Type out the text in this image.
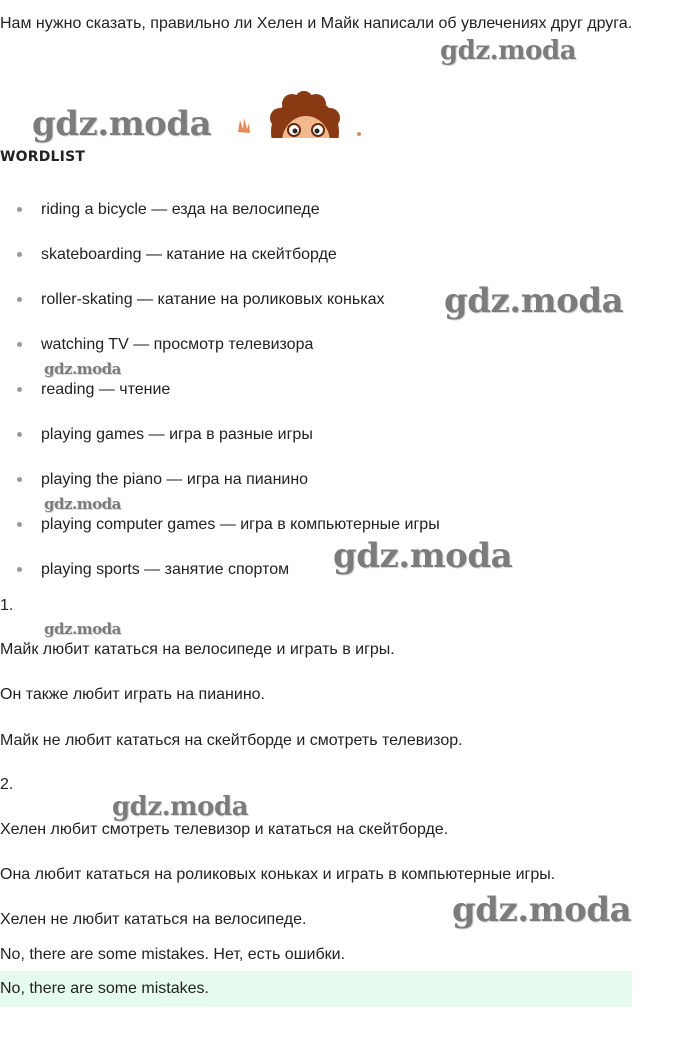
Нам нужно сказать, правильно ли Хелен и Майк написали об увлечениях друг друга.
WORDLIST
riding a bicycle — езда на велосипеде
skateboarding — катание на скейтборде
roller-skating — катание на роликовых коньках
watching TV — просмотр телевизора
reading — чтение
playing games — игра в разные игры
playing the piano — игра на пианино
playing computer games — игра в компьютерные игры
playing sports — занятие спортом
1.
Майк любит кататься на велосипеде и играть в игры.
Он также любит играть на пианино.
Майк не любит кататься на скейтборде и смотреть телевизор.
2.
Хелен любит смотреть телевизор и кататься на скейтборде.
Она любит кататься на роликовых коньках и играть в компьютерные игры.
Хелен не любит кататься на велосипеде.
No, there are some mistakes. Нет, есть ошибки.
No, there are some mistakes.
gdz.moda
gdz.moda
gdz.moda
gdz.moda
gdz.moda
gdz.moda
gdz.moda
gdz.moda
gdz.moda
